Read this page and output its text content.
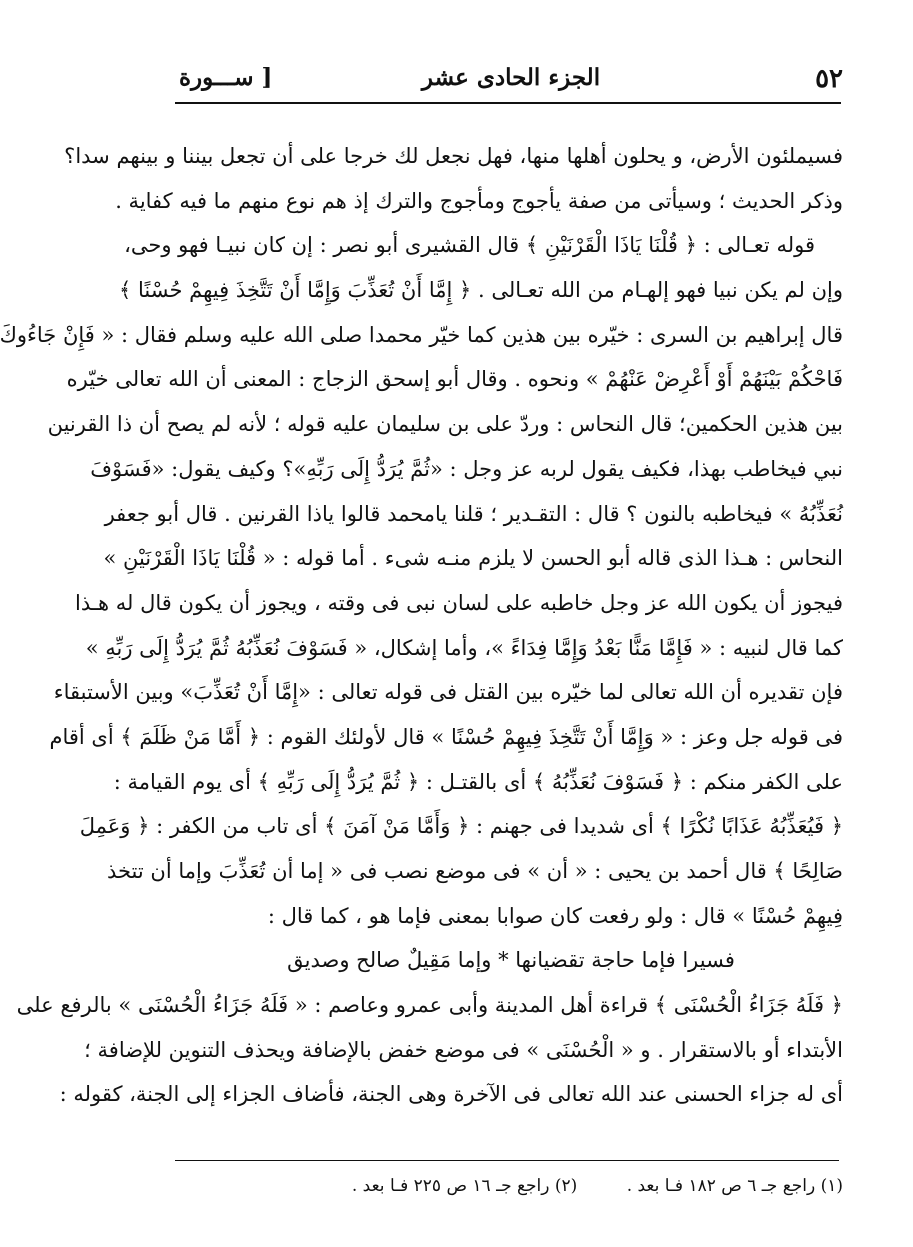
٥٢
الجزء الحادى عشر
[ ســـورة
فسيملئون الأرض، و يحلون أهلها منها، فهل نجعل لك خرجا على أن تجعل بيننا و بينهم سدا؟
وذكر الحديث ؛ وسيأتى من صفة يأجوج ومأجوج والترك إذ هم نوع منهم ما فيه كفاية .
قوله تعـالى : ﴿ قُلْنَا يَاذَا الْقَرْنَيْنِ ﴾ قال القشيرى أبو نصر : إن كان نبيـا فهو وحى،
وإن لم يكن نبيا فهو إلهـام من الله تعـالى . ﴿ إِمَّا أَنْ تُعَذِّبَ وَإِمَّا أَنْ تَتَّخِذَ فِيهِمْ حُسْنًا ﴾
قال إبراهيم بن السرى : خيّره بين هذين كما خيّر محمدا صلى الله عليه وسلم فقال : « فَإِنْ جَاءُوكَ
فَاحْكُمْ بَيْنَهُمْ أَوْ أَعْرِضْ عَنْهُمْ » ونحوه . وقال أبو إسحق الزجاج : المعنى أن الله تعالى خيّره
بين هذين الحكمين؛ قال النحاس : وردّ على بن سليمان عليه قوله ؛ لأنه لم يصح أن ذا القرنين
نبي فيخاطب بهذا، فكيف يقول لربه عز وجل : «ثُمَّ يُرَدُّ إِلَى رَبِّهِ»؟ وكيف يقول: «فَسَوْفَ
نُعَذِّبُهُ » فيخاطبه بالنون ؟ قال : التقـدير ؛ قلنا يامحمد قالوا ياذا القرنين . قال أبو جعفر
النحاس : هـذا الذى قاله أبو الحسن لا يلزم منـه شىء . أما قوله : « قُلْنَا يَاذَا الْقَرْنَيْنِ »
فيجوز أن يكون الله عز وجل خاطبه على لسان نبى فى وقته ، ويجوز أن يكون قال له هـذا
كما قال لنبيه : « فَإِمَّا مَنًّا بَعْدُ وَإِمَّا فِدَاءً »، وأما إشكال، « فَسَوْفَ نُعَذِّبُهُ ثُمَّ يُرَدُّ إِلَى رَبِّهِ »
فإن تقديره أن الله تعالى لما خيّره بين القتل فى قوله تعالى : «إِمَّا أَنْ تُعَذِّبَ» وبين الأستبقاء
فى قوله جل وعز : « وَإِمَّا أَنْ تَتَّخِذَ فِيهِمْ حُسْنًا » قال لأولئك القوم : ﴿ أَمَّا مَنْ ظَلَمَ ﴾ أى أقام
على الكفر منكم : ﴿ فَسَوْفَ نُعَذِّبُهُ ﴾ أى بالقتـل : ﴿ ثُمَّ يُرَدُّ إِلَى رَبِّهِ ﴾ أى يوم القيامة :
﴿ فَيُعَذِّبُهُ عَذَابًا نُكْرًا ﴾ أى شديدا فى جهنم : ﴿ وَأَمَّا مَنْ آمَنَ ﴾ أى تاب من الكفر : ﴿ وَعَمِلَ
صَالِحًا ﴾ قال أحمد بن يحيى : « أن » فى موضع نصب فى « إما أن تُعَذِّبَ وإما أن تتخذ
فِيهِمْ حُسْنًا » قال : ولو رفعت كان صوابا بمعنى فإما هو ، كما قال :
فسيرا فإما حاجة تقضيانها * وإما مَقِيلٌ صالح وصديق
﴿ فَلَهُ جَزَاءُ الْحُسْنَى ﴾ قراءة أهل المدينة وأبى عمرو وعاصم : « فَلَهُ جَزَاءُ الْحُسْنَى » بالرفع على
الأبتداء أو بالاستقرار . و « الْحُسْنَى » فى موضع خفض بالإضافة ويحذف التنوين للإضافة ؛
أى له جزاء الحسنى عند الله تعالى فى الآخرة وهى الجنة، فأضاف الجزاء إلى الجنة، كقوله :
(١) راجع جـ ٦ ص ١٨٢ فـا بعد . (٢) راجع جـ ١٦ ص ٢٢٥ فـا بعد .
